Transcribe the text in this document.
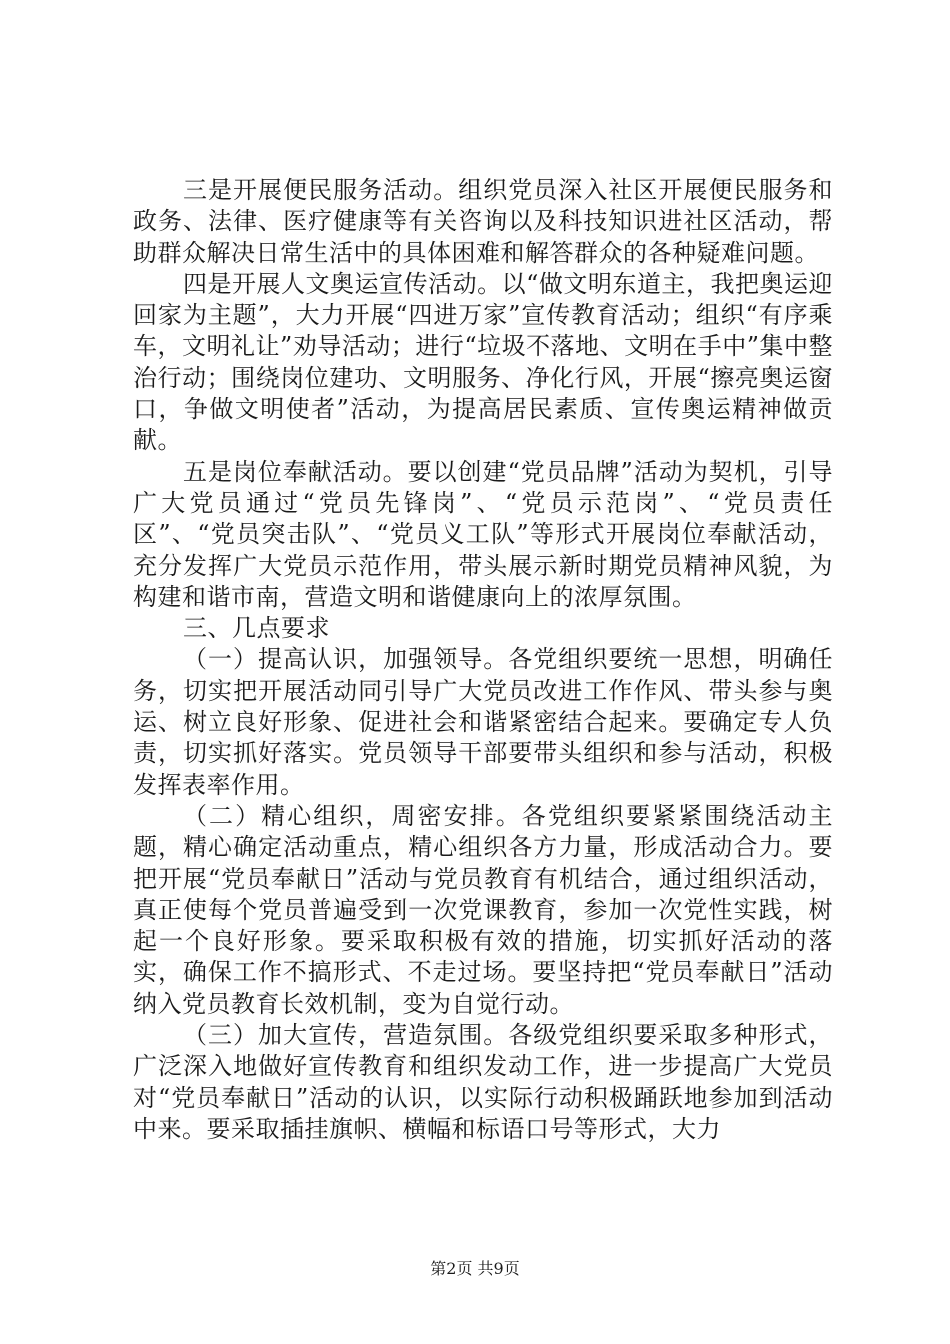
三是开展便民服务活动。组织党员深入社区开展便民服务和政务、法律、医疗健康等有关咨询以及科技知识进社区活动，帮助群众解决日常生活中的具体困难和解答群众的各种疑难问题。

四是开展人文奥运宣传活动。以“做文明东道主，我把奥运迎回家为主题”，大力开展“四进万家”宣传教育活动；组织“有序乘车，文明礼让”劝导活动；进行“垃圾不落地、文明在手中”集中整治行动；围绕岗位建功、文明服务、净化行风，开展“擦亮奥运窗口，争做文明使者”活动，为提高居民素质、宣传奥运精神做贡献。

五是岗位奉献活动。要以创建“党员品牌”活动为契机，引导广大党员通过“党员先锋岗”、“党员示范岗”、“党员责任区”、“党员突击队”、“党员义工队”等形式开展岗位奉献活动，充分发挥广大党员示范作用，带头展示新时期党员精神风貌，为构建和谐市南，营造文明和谐健康向上的浓厚氛围。

三、几点要求

（一）提高认识，加强领导。各党组织要统一思想，明确任务，切实把开展活动同引导广大党员改进工作作风、带头参与奥运、树立良好形象、促进社会和谐紧密结合起来。要确定专人负责，切实抓好落实。党员领导干部要带头组织和参与活动，积极发挥表率作用。

（二）精心组织，周密安排。各党组织要紧紧围绕活动主题，精心确定活动重点，精心组织各方力量，形成活动合力。要把开展“党员奉献日”活动与党员教育有机结合，通过组织活动，真正使每个党员普遍受到一次党课教育，参加一次党性实践，树起一个良好形象。要采取积极有效的措施，切实抓好活动的落实，确保工作不搞形式、不走过场。要坚持把“党员奉献日”活动纳入党员教育长效机制，变为自觉行动。

（三）加大宣传，营造氛围。各级党组织要采取多种形式，广泛深入地做好宣传教育和组织发动工作，进一步提高广大党员对“党员奉献日”活动的认识，以实际行动积极踊跃地参加到活动中来。要采取插挂旗帜、横幅和标语口号等形式，大力

第2页 共9页
